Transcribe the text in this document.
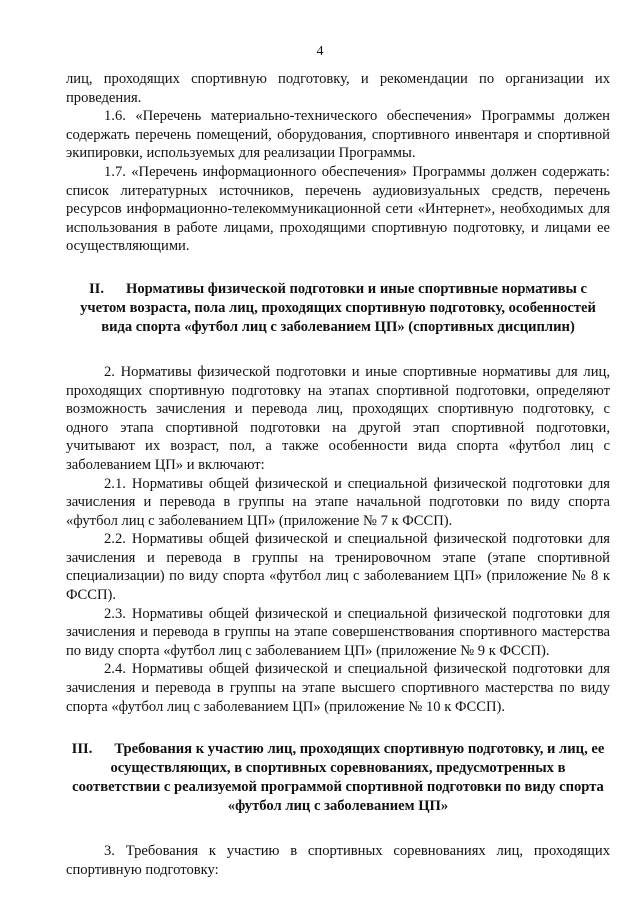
4

лиц, проходящих спортивную подготовку, и рекомендации по организации их проведения.

1.6. «Перечень материально-технического обеспечения» Программы должен содержать перечень помещений, оборудования, спортивного инвентаря и спортивной экипировки, используемых для реализации Программы.

1.7. «Перечень информационного обеспечения» Программы должен содержать: список литературных источников, перечень аудиовизуальных средств, перечень ресурсов информационно-телекоммуникационной сети «Интернет», необходимых для использования в работе лицами, проходящими спортивную подготовку, и лицами ее осуществляющими.

II. Нормативы физической подготовки и иные спортивные нормативы с учетом возраста, пола лиц, проходящих спортивную подготовку, особенностей вида спорта «футбол лиц с заболеванием ЦП» (спортивных дисциплин)

2. Нормативы физической подготовки и иные спортивные нормативы для лиц, проходящих спортивную подготовку на этапах спортивной подготовки, определяют возможность зачисления и перевода лиц, проходящих спортивную подготовку, с одного этапа спортивной подготовки на другой этап спортивной подготовки, учитывают их возраст, пол, а также особенности вида спорта «футбол лиц с заболеванием ЦП» и включают:

2.1. Нормативы общей физической и специальной физической подготовки для зачисления и перевода в группы на этапе начальной подготовки по виду спорта «футбол лиц с заболеванием ЦП» (приложение № 7 к ФССП).

2.2. Нормативы общей физической и специальной физической подготовки для зачисления и перевода в группы на тренировочном этапе (этапе спортивной специализации) по виду спорта «футбол лиц с заболеванием ЦП» (приложение № 8 к ФССП).

2.3. Нормативы общей физической и специальной физической подготовки для зачисления и перевода в группы на этапе совершенствования спортивного мастерства по виду спорта «футбол лиц с заболеванием ЦП» (приложение № 9 к ФССП).

2.4. Нормативы общей физической и специальной физической подготовки для зачисления и перевода в группы на этапе высшего спортивного мастерства по виду спорта «футбол лиц с заболеванием ЦП» (приложение № 10 к ФССП).

III. Требования к участию лиц, проходящих спортивную подготовку, и лиц, ее осуществляющих, в спортивных соревнованиях, предусмотренных в соответствии с реализуемой программой спортивной подготовки по виду спорта «футбол лиц с заболеванием ЦП»

3. Требования к участию в спортивных соревнованиях лиц, проходящих спортивную подготовку:
